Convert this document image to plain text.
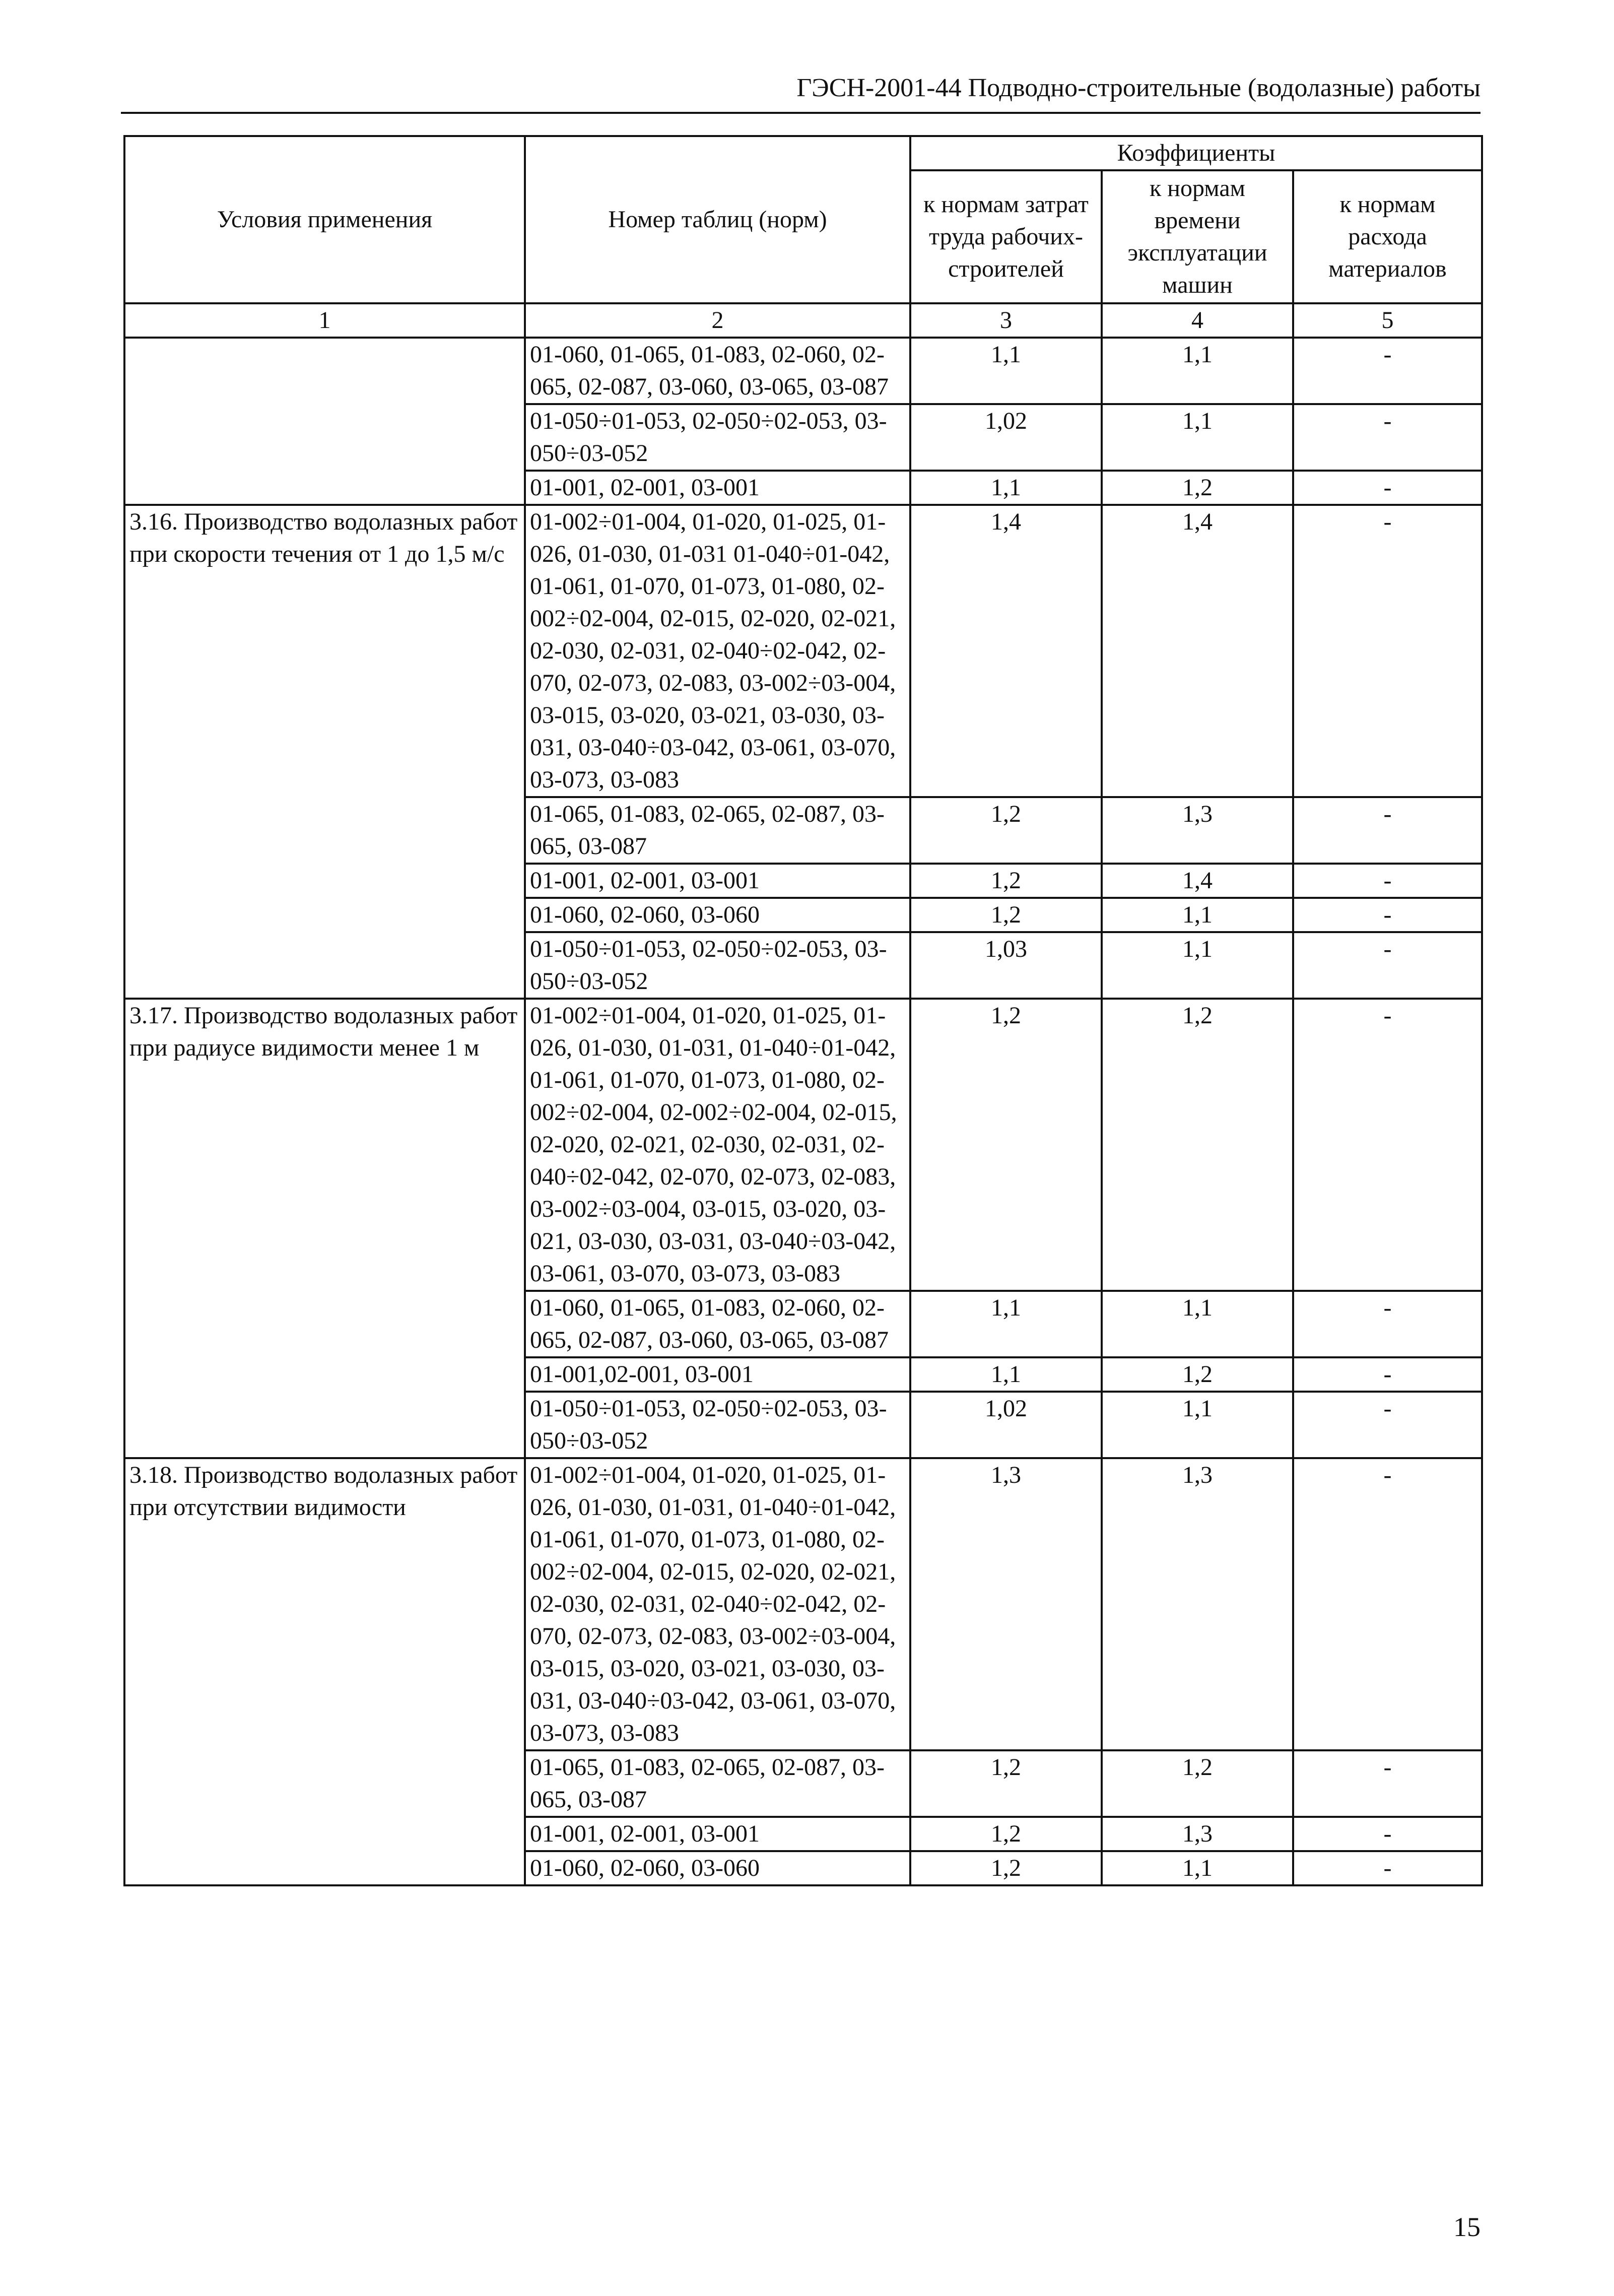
ГЭСН-2001-44 Подводно-строительные (водолазные) работы
Условия применения	Номер таблиц (норм)	Коэффициенты		
		к нормам затрат труда рабочих-строителей	к нормам времени эксплуатации машин	к нормам расхода материалов
1	2	3	4	5
	01-060, 01-065, 01-083, 02-060, 02-065, 02-087, 03-060, 03-065, 03-087	1,1	1,1	-
	01-050÷01-053, 02-050÷02-053, 03-050÷03-052	1,02	1,1	-
	01-001, 02-001, 03-001	1,1	1,2	-
3.16. Производство водолазных работ при скорости течения от 1 до 1,5 м/с	01-002÷01-004, 01-020, 01-025, 01-026, 01-030, 01-031 01-040÷01-042, 01-061, 01-070, 01-073, 01-080, 02-002÷02-004, 02-015, 02-020, 02-021, 02-030, 02-031, 02-040÷02-042, 02-070, 02-073, 02-083, 03-002÷03-004, 03-015, 03-020, 03-021, 03-030, 03-031, 03-040÷03-042, 03-061, 03-070, 03-073, 03-083	1,4	1,4	-
	01-065, 01-083, 02-065, 02-087, 03-065, 03-087	1,2	1,3	-
	01-001, 02-001, 03-001	1,2	1,4	-
	01-060, 02-060, 03-060	1,2	1,1	-
	01-050÷01-053, 02-050÷02-053, 03-050÷03-052	1,03	1,1	-
3.17. Производство водолазных работ при радиусе видимости менее 1 м	01-002÷01-004, 01-020, 01-025, 01-026, 01-030, 01-031, 01-040÷01-042, 01-061, 01-070, 01-073, 01-080, 02-002÷02-004, 02-002÷02-004, 02-015, 02-020, 02-021, 02-030, 02-031, 02-040÷02-042, 02-070, 02-073, 02-083, 03-002÷03-004, 03-015, 03-020, 03-021, 03-030, 03-031, 03-040÷03-042, 03-061, 03-070, 03-073, 03-083	1,2	1,2	-
	01-060, 01-065, 01-083, 02-060, 02-065, 02-087, 03-060, 03-065, 03-087	1,1	1,1	-
	01-001,02-001, 03-001	1,1	1,2	-
	01-050÷01-053, 02-050÷02-053, 03-050÷03-052	1,02	1,1	-
3.18. Производство водолазных работ при отсутствии видимости	01-002÷01-004, 01-020, 01-025, 01-026, 01-030, 01-031, 01-040÷01-042, 01-061, 01-070, 01-073, 01-080, 02-002÷02-004, 02-015, 02-020, 02-021, 02-030, 02-031, 02-040÷02-042, 02-070, 02-073, 02-083, 03-002÷03-004, 03-015, 03-020, 03-021, 03-030, 03-031, 03-040÷03-042, 03-061, 03-070, 03-073, 03-083	1,3	1,3	-
	01-065, 01-083, 02-065, 02-087, 03-065, 03-087	1,2	1,2	-
	01-001, 02-001, 03-001	1,2	1,3	-
	01-060, 02-060, 03-060	1,2	1,1	-
15
